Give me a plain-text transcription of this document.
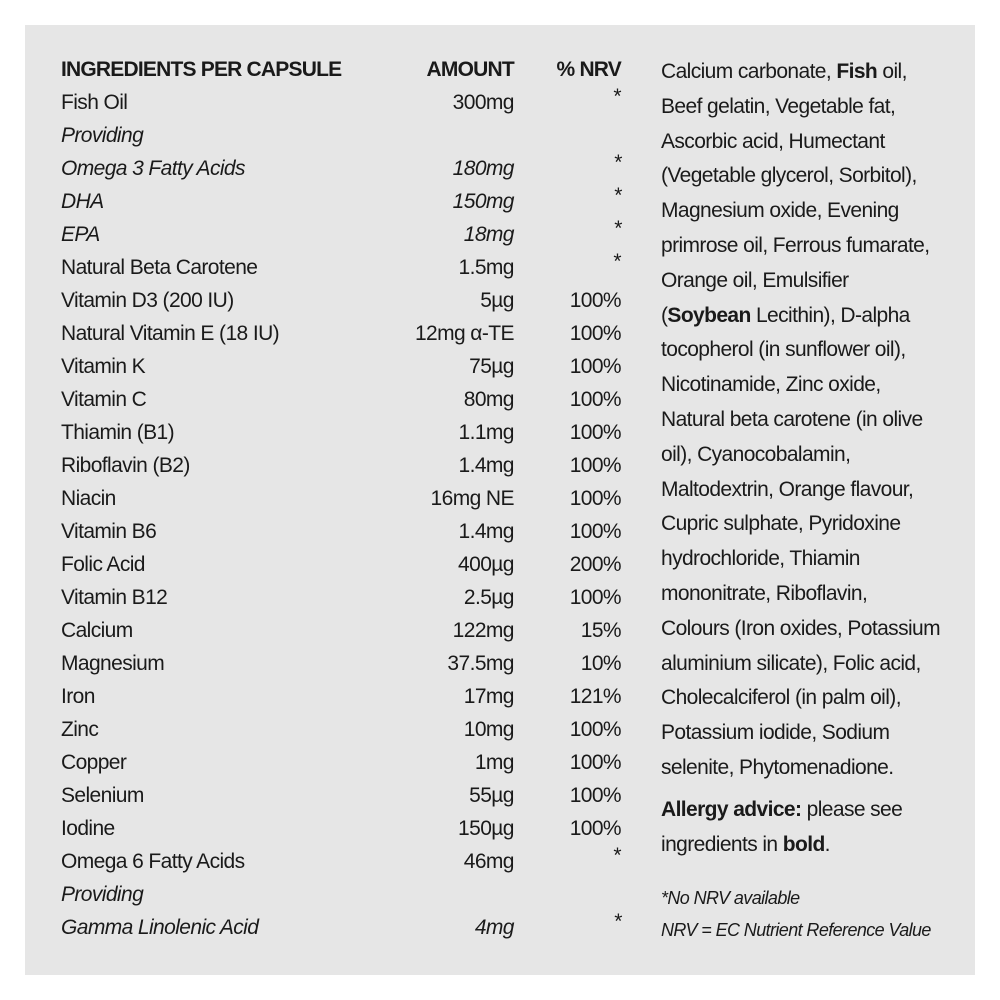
INGREDIENTS PER CAPSULE	AMOUNT	% NRV
Fish Oil	300mg	*
Providing
Omega 3 Fatty Acids	180mg	*
DHA	150mg	*
EPA	18mg	*
Natural Beta Carotene	1.5mg	*
Vitamin D3 (200 IU)	5µg	100%
Natural Vitamin E (18 IU)	12mg α-TE	100%
Vitamin K	75µg	100%
Vitamin C	80mg	100%
Thiamin (B1)	1.1mg	100%
Riboflavin (B2)	1.4mg	100%
Niacin	16mg NE	100%
Vitamin B6	1.4mg	100%
Folic Acid	400µg	200%
Vitamin B12	2.5µg	100%
Calcium	122mg	15%
Magnesium	37.5mg	10%
Iron	17mg	121%
Zinc	10mg	100%
Copper	1mg	100%
Selenium	55µg	100%
Iodine	150µg	100%
Omega 6 Fatty Acids	46mg	*
Providing
Gamma Linolenic Acid	4mg	*
Calcium carbonate, Fish oil,
Beef gelatin, Vegetable fat,
Ascorbic acid, Humectant
(Vegetable glycerol, Sorbitol),
Magnesium oxide, Evening
primrose oil, Ferrous fumarate,
Orange oil, Emulsifier
(Soybean Lecithin), D-alpha
tocopherol (in sunflower oil),
Nicotinamide, Zinc oxide,
Natural beta carotene (in olive
oil), Cyanocobalamin,
Maltodextrin, Orange flavour,
Cupric sulphate, Pyridoxine
hydrochloride, Thiamin
mononitrate, Riboflavin,
Colours (Iron oxides, Potassium
aluminium silicate), Folic acid,
Cholecalciferol (in palm oil),
Potassium iodide, Sodium
selenite, Phytomenadione.
Allergy advice: please see
ingredients in bold.
*No NRV available
NRV = EC Nutrient Reference Value
